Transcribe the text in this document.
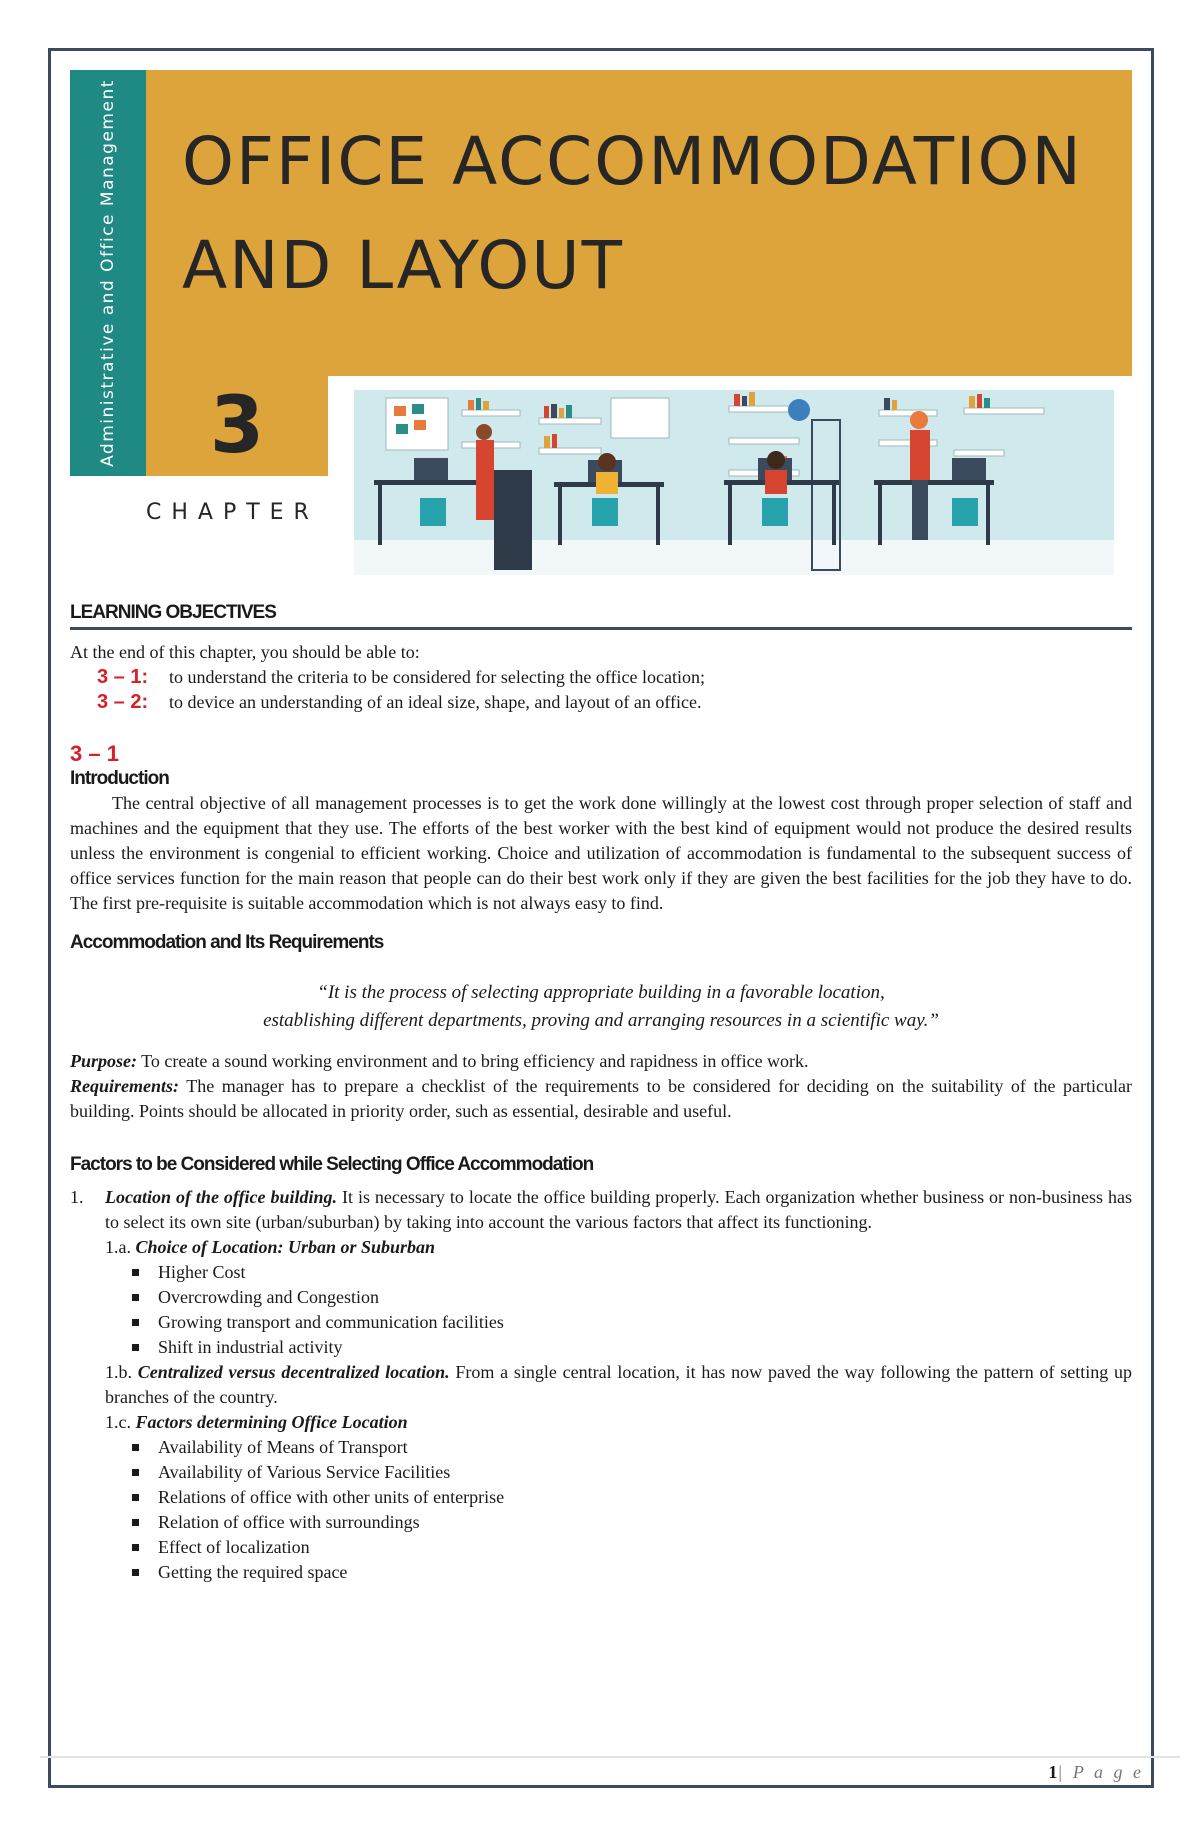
Administrative and Office Management OFFICE ACCOMMODATION
AND LAYOUT
3
CHAPTER
LEARNING OBJECTIVES
At the end of this chapter, you should be able to:
3 – 1:	to understand the criteria to be considered for selecting the office location;
3 – 2:	to device an understanding of an ideal size, shape, and layout of an office.
3 – 1
Introduction

The central objective of all management processes is to get the work done willingly at the lowest cost through proper selection of staff and machines and the equipment that they use. The efforts of the best worker with the best kind of equipment would not produce the desired results unless the environment is congenial to efficient working. Choice and utilization of accommodation is fundamental to the subsequent success of office services function for the main reason that people can do their best work only if they are given the best facilities for the job they have to do. The first pre-requisite is suitable accommodation which is not always easy to find.

Accommodation and Its Requirements
“It is the process of selecting appropriate building in a favorable location,
establishing different departments, proving and arranging resources in a scientific way.”
Purpose: To create a sound working environment and to bring efficiency and rapidness in office work.
Requirements: The manager has to prepare a checklist of the requirements to be considered for deciding on the suitability of the particular building. Points should be allocated in priority order, such as essential, desirable and useful.
Factors to be Considered while Selecting Office Accommodation
1.	Location of the office building. It is necessary to locate the office building properly. Each organization whether business or non-business has to select its own site (urban/suburban) by taking into account the various factors that affect its functioning.
1.a. Choice of Location: Urban or Suburban
Higher Cost
Overcrowding and Congestion
Growing transport and communication facilities
Shift in industrial activity
1.b. Centralized versus decentralized location. From a single central location, it has now paved the way following the pattern of setting up branches of the country.
1.c. Factors determining Office Location
Availability of Means of Transport
Availability of Various Service Facilities
Relations of office with other units of enterprise
Relation of office with surroundings
Effect of localization
Getting the required space
1| P a g e
